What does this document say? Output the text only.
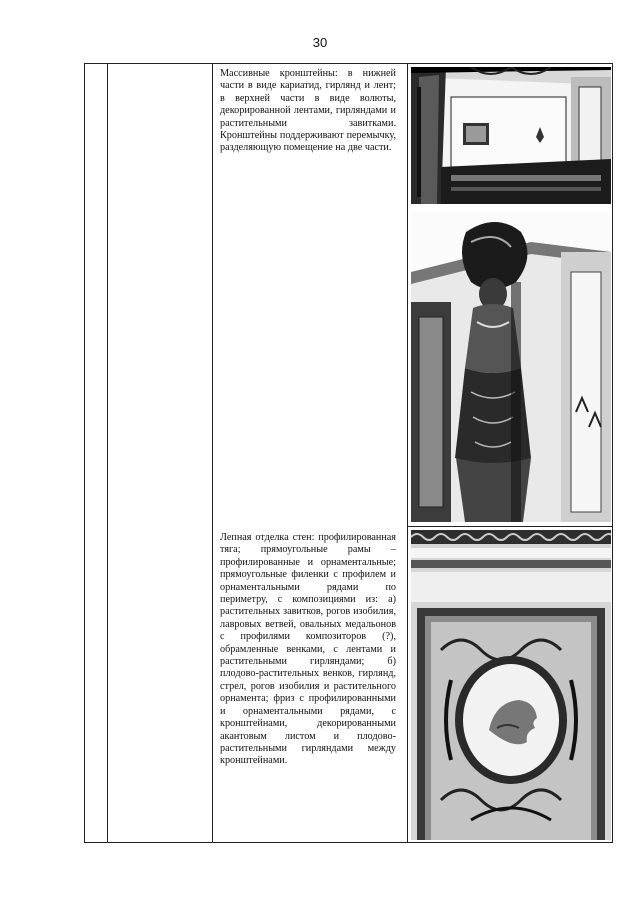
30
Массивные кронштейны: в нижней части в виде кариатид, гирлянд и лент; в верхней части в виде волюты, декорированной лентами, гирляндами и растительными завитками. Кронштейны поддерживают перемычку, разделяющую помещение на две части.
Лепная отделка стен: профилированная тяга; прямоугольные рамы – профилированные и орнаментальные; прямоугольные филенки с профилем и орнаментальными рядами по периметру, с композициями из: а) растительных завитков, рогов изобилия, лавровых ветвей, овальных медальонов с профилями композиторов (?), обрамленные венками, с лентами и растительными гирляндами; б) плодово-растительных венков, гирлянд, стрел, рогов изобилия и растительного орнамента; фриз с профилированными и орнаментальными рядами, с кронштейнами, декорированными акантовым листом и плодово-растительными гирляндами между кронштейнами.
